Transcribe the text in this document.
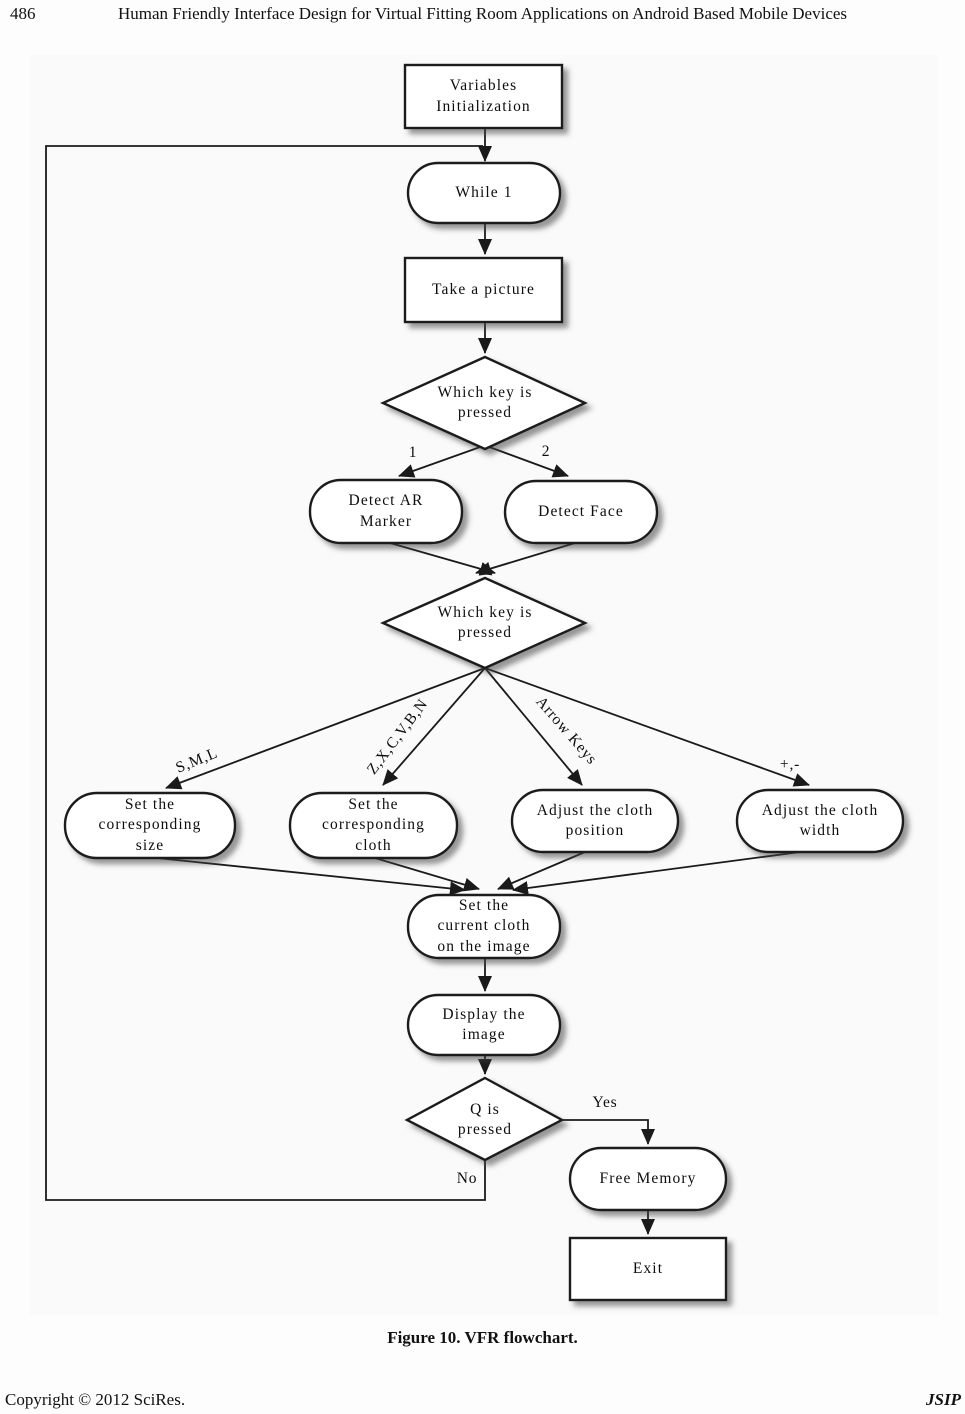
486	Human Friendly Interface Design for Virtual Fitting Room Applications on Android Based Mobile Devices
Variables
Initialization
While 1
Take a picture
Which key is
pressed
Detect AR
Marker
Detect Face
Which key is
pressed
Set the
corresponding
size
Set the
corresponding
cloth
Adjust the cloth
position
Adjust the cloth
width
Set the
current cloth
on the image
Display the
image
Q is
pressed
Free Memory
Exit
1	2
S,M,L	Z,X,C,V,B,N	Arrow Keys	+,-
Yes
No
Figure 10. VFR flowchart.
Copyright © 2012 SciRes.	JSIP
